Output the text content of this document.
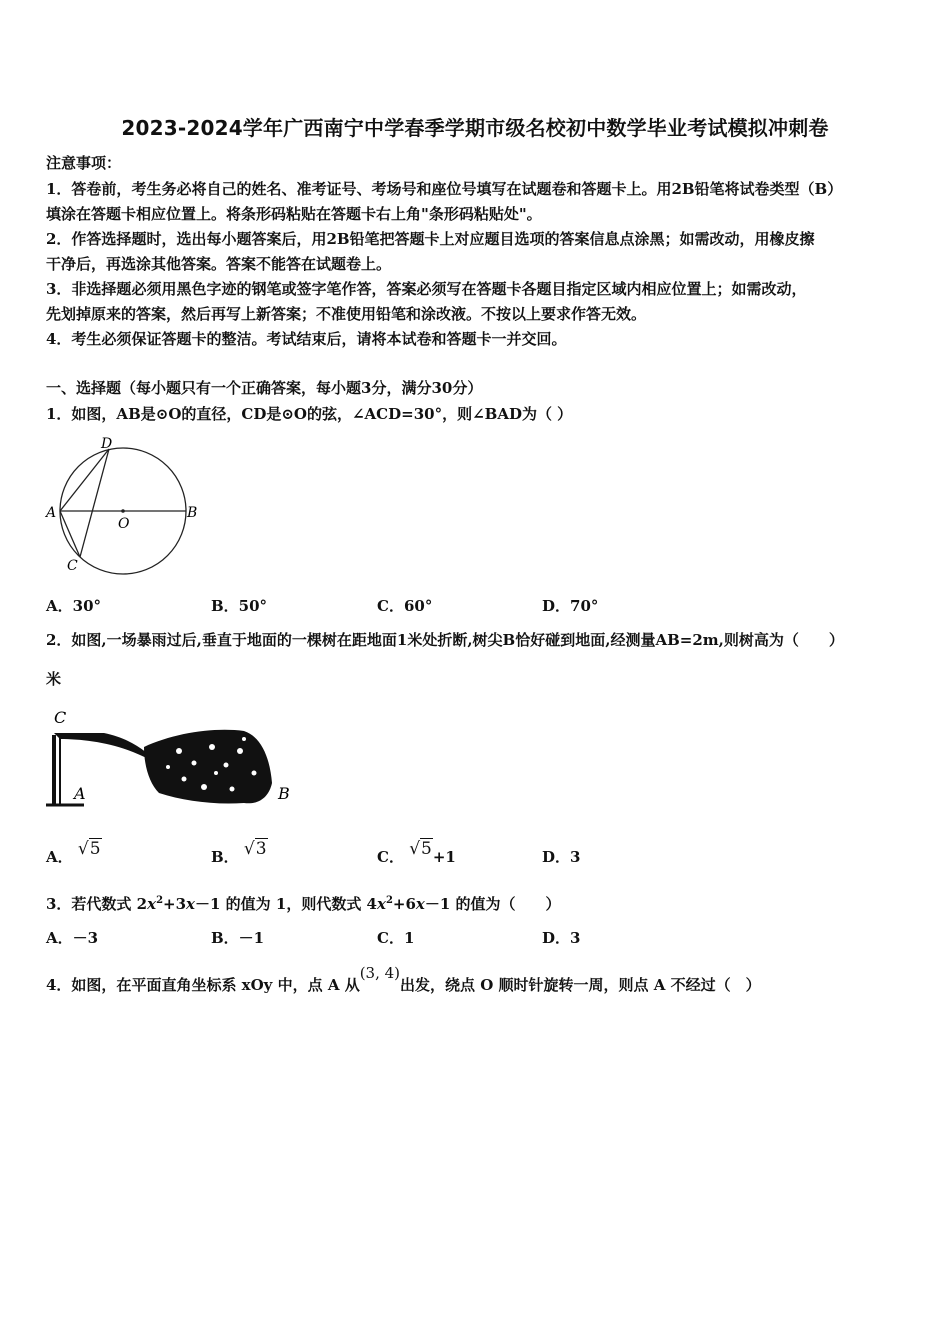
2023-2024学年广西南宁中学春季学期市级名校初中数学毕业考试模拟冲刺卷
注意事项：
1．答卷前，考生务必将自己的姓名、准考证号、考场号和座位号填写在试题卷和答题卡上。用2B铅笔将试卷类型（B）
填涂在答题卡相应位置上。将条形码粘贴在答题卡右上角"条形码粘贴处"。
2．作答选择题时，选出每小题答案后，用2B铅笔把答题卡上对应题目选项的答案信息点涂黑；如需改动，用橡皮擦
干净后，再选涂其他答案。答案不能答在试题卷上。
3．非选择题必须用黑色字迹的钢笔或签字笔作答，答案必须写在答题卡各题目指定区域内相应位置上；如需改动，
先划掉原来的答案，然后再写上新答案；不准使用铅笔和涂改液。不按以上要求作答无效。
4．考生必须保证答题卡的整洁。考试结束后，请将本试卷和答题卡一并交回。
一、选择题（每小题只有一个正确答案，每小题3分，满分30分）
1．如图，AB是⊙O的直径，CD是⊙O的弦，∠ACD=30°，则∠BAD为（ ）
D
A	B
O
C
A．30°	B．50°	C．60°	D．70°
2．如图,一场暴雨过后,垂直于地面的一棵树在距地面1米处折断,树尖B恰好碰到地面,经测量AB=2m,则树高为（　　）
米
C
A	B
A． √5	B． √3	C． √5+1	D．3
3．若代数式 $2x^2+3x-1$ 的值为 1，则代数式 $4x^2+6x-1$ 的值为（　　）
A．－3	B．－1	C．1	D．3
4．如图，在平面直角坐标系 xOy 中，点 A 从(3, 4)出发，绕点 O 顺时针旋转一周，则点 A 不经过（　）
